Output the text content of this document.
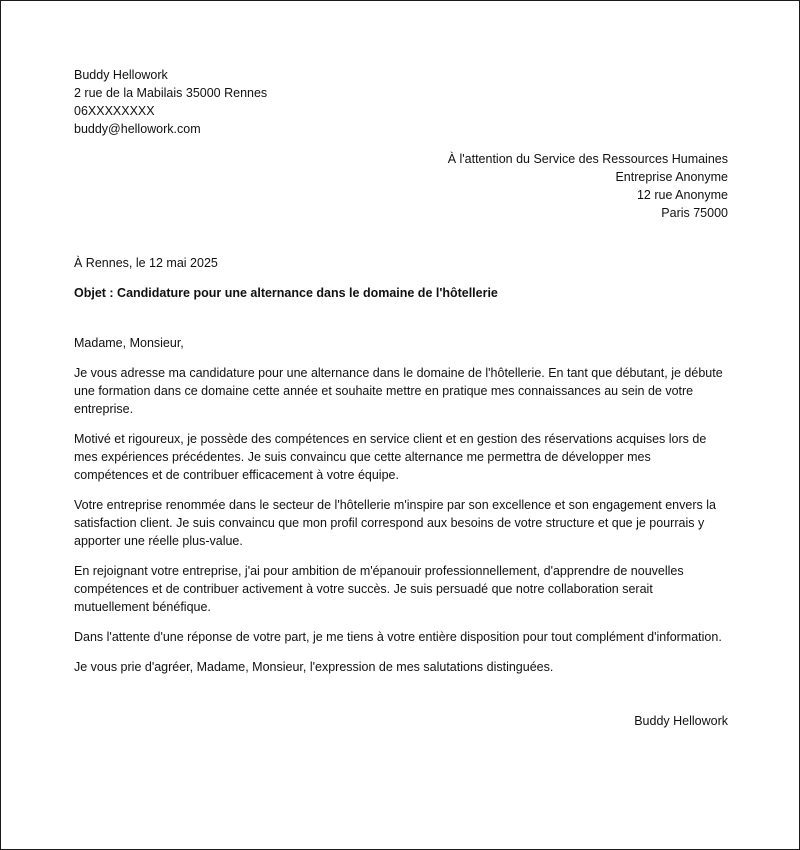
Buddy Hellowork
2 rue de la Mabilais 35000 Rennes
06XXXXXXXX
buddy@hellowork.com
À l'attention du Service des Ressources Humaines
Entreprise Anonyme
12 rue Anonyme
Paris 75000
À Rennes, le 12 mai 2025
Objet : Candidature pour une alternance dans le domaine de l'hôtellerie
Madame, Monsieur,

Je vous adresse ma candidature pour une alternance dans le domaine de l'hôtellerie. En tant que débutant, je débute une formation dans ce domaine cette année et souhaite mettre en pratique mes connaissances au sein de votre entreprise.

Motivé et rigoureux, je possède des compétences en service client et en gestion des réservations acquises lors de mes expériences précédentes. Je suis convaincu que cette alternance me permettra de développer mes compétences et de contribuer efficacement à votre équipe.

Votre entreprise renommée dans le secteur de l'hôtellerie m'inspire par son excellence et son engagement envers la satisfaction client. Je suis convaincu que mon profil correspond aux besoins de votre structure et que je pourrais y apporter une réelle plus-value.

En rejoignant votre entreprise, j'ai pour ambition de m'épanouir professionnellement, d'apprendre de nouvelles compétences et de contribuer activement à votre succès. Je suis persuadé que notre collaboration serait mutuellement bénéfique.

Dans l'attente d'une réponse de votre part, je me tiens à votre entière disposition pour tout complément d'information.

Je vous prie d'agréer, Madame, Monsieur, l'expression de mes salutations distinguées.

Buddy Hellowork
